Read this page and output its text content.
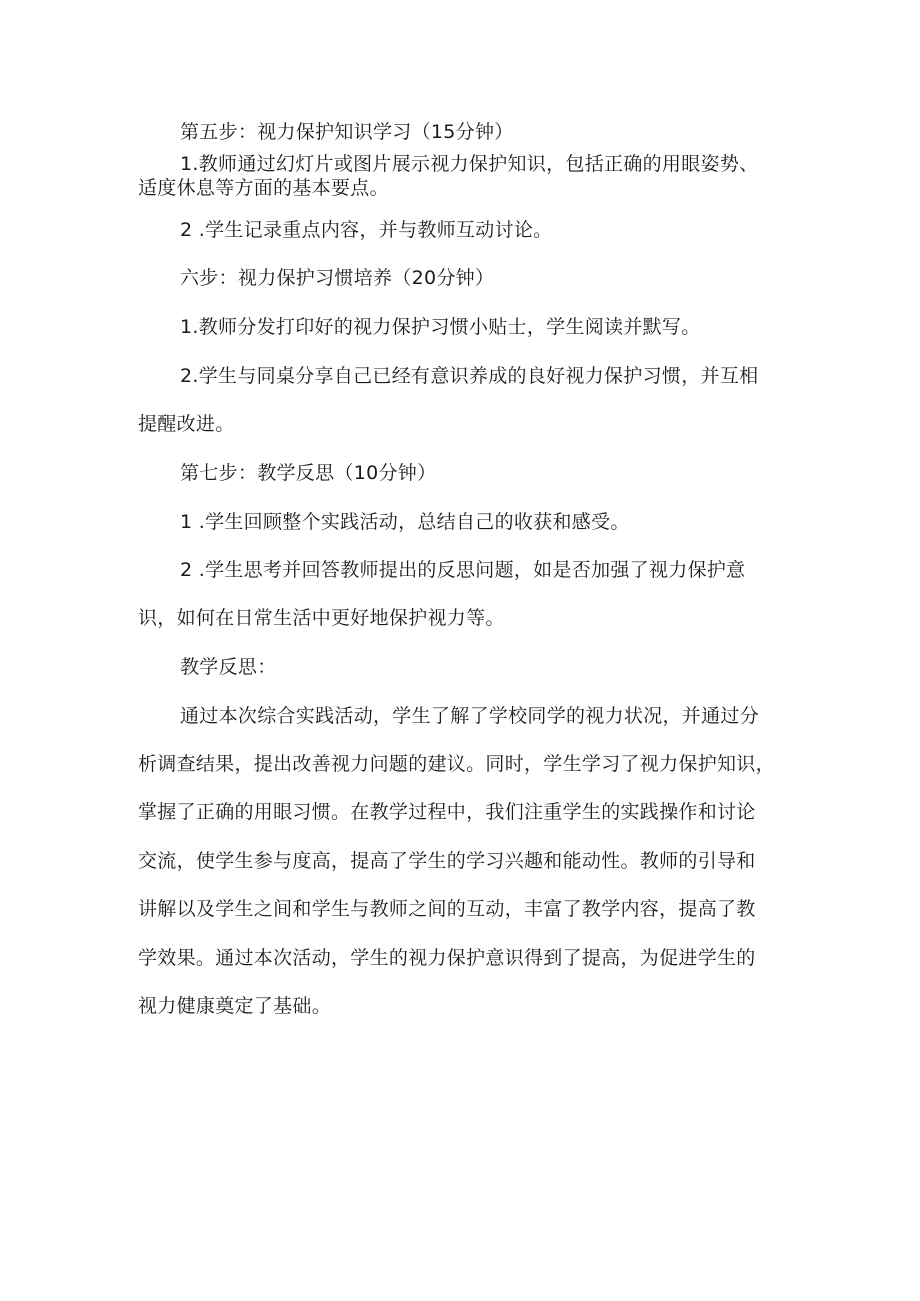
第五步：视力保护知识学习（15分钟）
1.教师通过幻灯片或图片展示视力保护知识，包括正确的用眼姿势、
适度休息等方面的基本要点。
2 .学生记录重点内容，并与教师互动讨论。
六步：视力保护习惯培养（20分钟）
1.教师分发打印好的视力保护习惯小贴士，学生阅读并默写。
2.学生与同桌分享自己已经有意识养成的良好视力保护习惯，并互相
提醒改进。
第七步：教学反思（10分钟）
1 .学生回顾整个实践活动，总结自己的收获和感受。
2 .学生思考并回答教师提出的反思问题，如是否加强了视力保护意
识，如何在日常生活中更好地保护视力等。
教学反思：
通过本次综合实践活动，学生了解了学校同学的视力状况，并通过分
析调查结果，提出改善视力问题的建议。同时，学生学习了视力保护知识，
掌握了正确的用眼习惯。在教学过程中，我们注重学生的实践操作和讨论
交流，使学生参与度高，提高了学生的学习兴趣和能动性。教师的引导和
讲解以及学生之间和学生与教师之间的互动，丰富了教学内容，提高了教
学效果。通过本次活动，学生的视力保护意识得到了提高，为促进学生的
视力健康奠定了基础。
